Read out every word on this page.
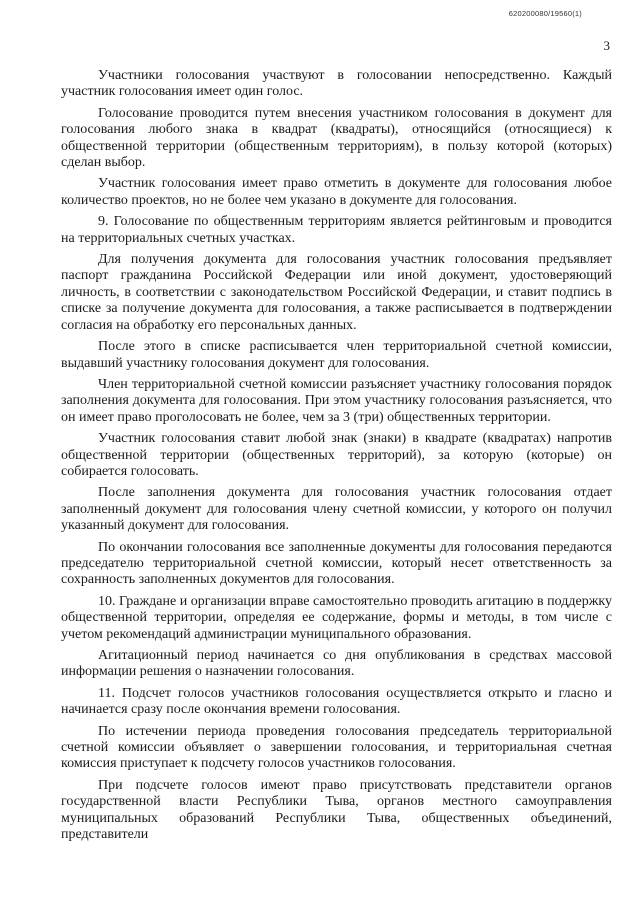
620200080/19560(1)
3

Участники голосования участвуют в голосовании непосредственно. Каждый участник голосования имеет один голос.

Голосование проводится путем внесения участником голосования в документ для голосования любого знака в квадрат (квадраты), относящийся (относящиеся) к общественной территории (общественным территориям), в пользу которой (которых) сделан выбор.

Участник голосования имеет право отметить в документе для голосования любое количество проектов, но не более чем указано в документе для голосования.

9. Голосование по общественным территориям является рейтинговым и проводится на территориальных счетных участках.

Для получения документа для голосования участник голосования предъявляет паспорт гражданина Российской Федерации или иной документ, удостоверяющий личность, в соответствии с законодательством Российской Федерации, и ставит подпись в списке за получение документа для голосования, а также расписывается в подтверждении согласия на обработку его персональных данных.

После этого в списке расписывается член территориальной счетной комиссии, выдавший участнику голосования документ для голосования.

Член территориальной счетной комиссии разъясняет участнику голосования порядок заполнения документа для голосования. При этом участнику голосования разъясняется, что он имеет право проголосовать не более, чем за 3 (три) общественных территории.

Участник голосования ставит любой знак (знаки) в квадрате (квадратах) напротив общественной территории (общественных территорий), за которую (которые) он собирается голосовать.

После заполнения документа для голосования участник голосования отдает заполненный документ для голосования члену счетной комиссии, у которого он получил указанный документ для голосования.

По окончании голосования все заполненные документы для голосования передаются председателю территориальной счетной комиссии, который несет ответственность за сохранность заполненных документов для голосования.

10. Граждане и организации вправе самостоятельно проводить агитацию в поддержку общественной территории, определяя ее содержание, формы и методы, в том числе с учетом рекомендаций администрации муниципального образования.

Агитационный период начинается со дня опубликования в средствах массовой информации решения о назначении голосования.

11. Подсчет голосов участников голосования осуществляется открыто и гласно и начинается сразу после окончания времени голосования.

По истечении периода проведения голосования председатель территориальной счетной комиссии объявляет о завершении голосования, и территориальная счетная комиссия приступает к подсчету голосов участников голосования.

При подсчете голосов имеют право присутствовать представители органов государственной власти Республики Тыва, органов местного самоуправления муниципальных образований Республики Тыва, общественных объединений, представители
